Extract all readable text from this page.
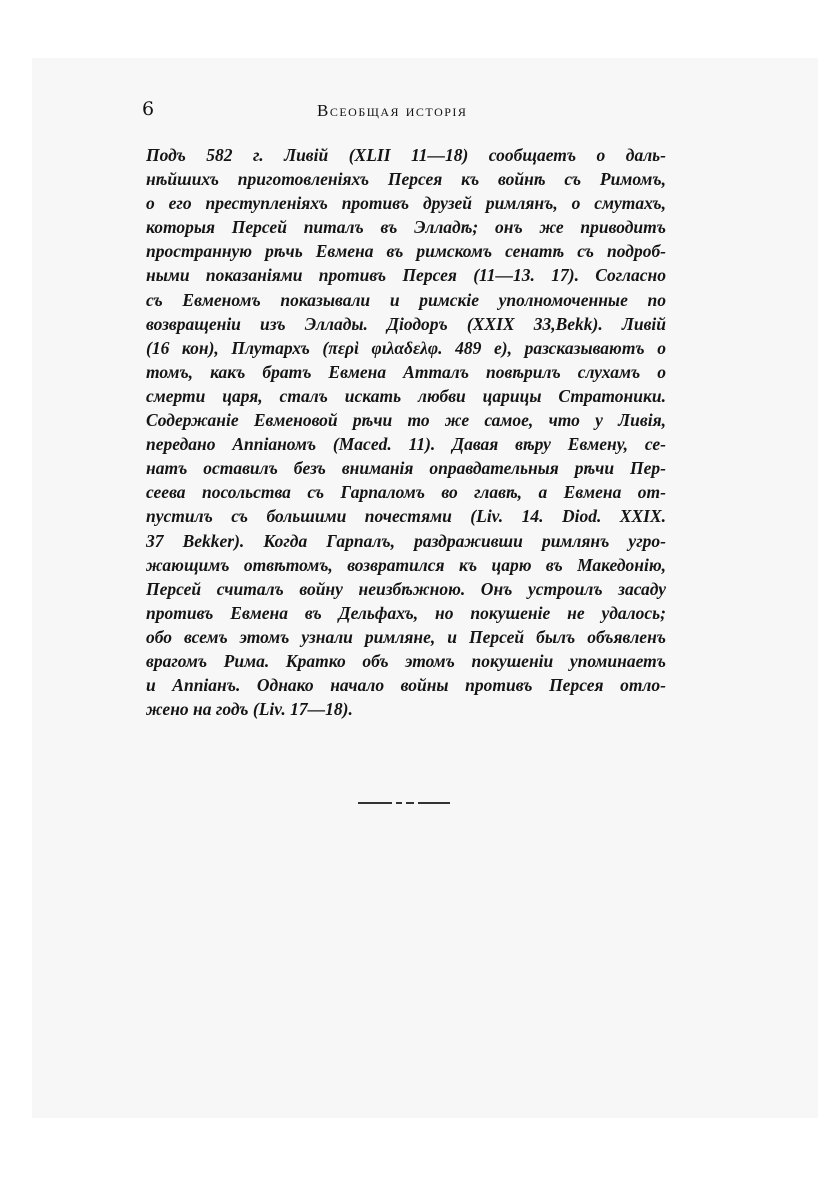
6	Всеобщая исторія

Подъ 582 г. Ливій (XLII 11—18) сообщаетъ о даль-
нѣйшихъ приготовленіяхъ Персея къ войнѣ съ Римомъ,
о его преступленіяхъ противъ друзей римлянъ, о смутахъ,
которыя Персей питалъ въ Элладѣ; онъ же приводитъ
пространную рѣчь Евмена въ римскомъ сенатѣ съ подроб-
ными показаніями противъ Персея (11—13. 17). Согласно
съ Евменомъ показывали и римскіе уполномоченные по
возвращеніи изъ Эллады. Діодоръ (XXIX 33,Bekk). Ливій
(16 кон), Плутархъ (περὶ φιλαδελφ. 489 e), разсказываютъ о
томъ, какъ братъ Евмена Атталъ повѣрилъ слухамъ о
смерти царя, сталъ искать любви царицы Стратоники.
Содержаніе Евменовой рѣчи то же самое, что у Ливія,
передано Аппіаномъ (Maced. 11). Давая вѣру Евмену, се-
натъ оставилъ безъ вниманія оправдательныя рѣчи Пер-
сеева посольства съ Гарпаломъ во главѣ, а Евмена от-
пустилъ съ большими почестями (Liv. 14. Diod. XXIX.
37 Bekker). Когда Гарпалъ, раздраживши римлянъ угро-
жающимъ отвѣтомъ, возвратился къ царю въ Македонію,
Персей считалъ войну неизбѣжною. Онъ устроилъ засаду
противъ Евмена въ Дельфахъ, но покушеніе не удалось;
обо всемъ этомъ узнали римляне, и Персей былъ объявленъ
врагомъ Рима. Кратко объ этомъ покушеніи упоминаетъ
и Аппіанъ. Однако начало войны противъ Персея отло-
жено на годъ (Liv. 17—18).
